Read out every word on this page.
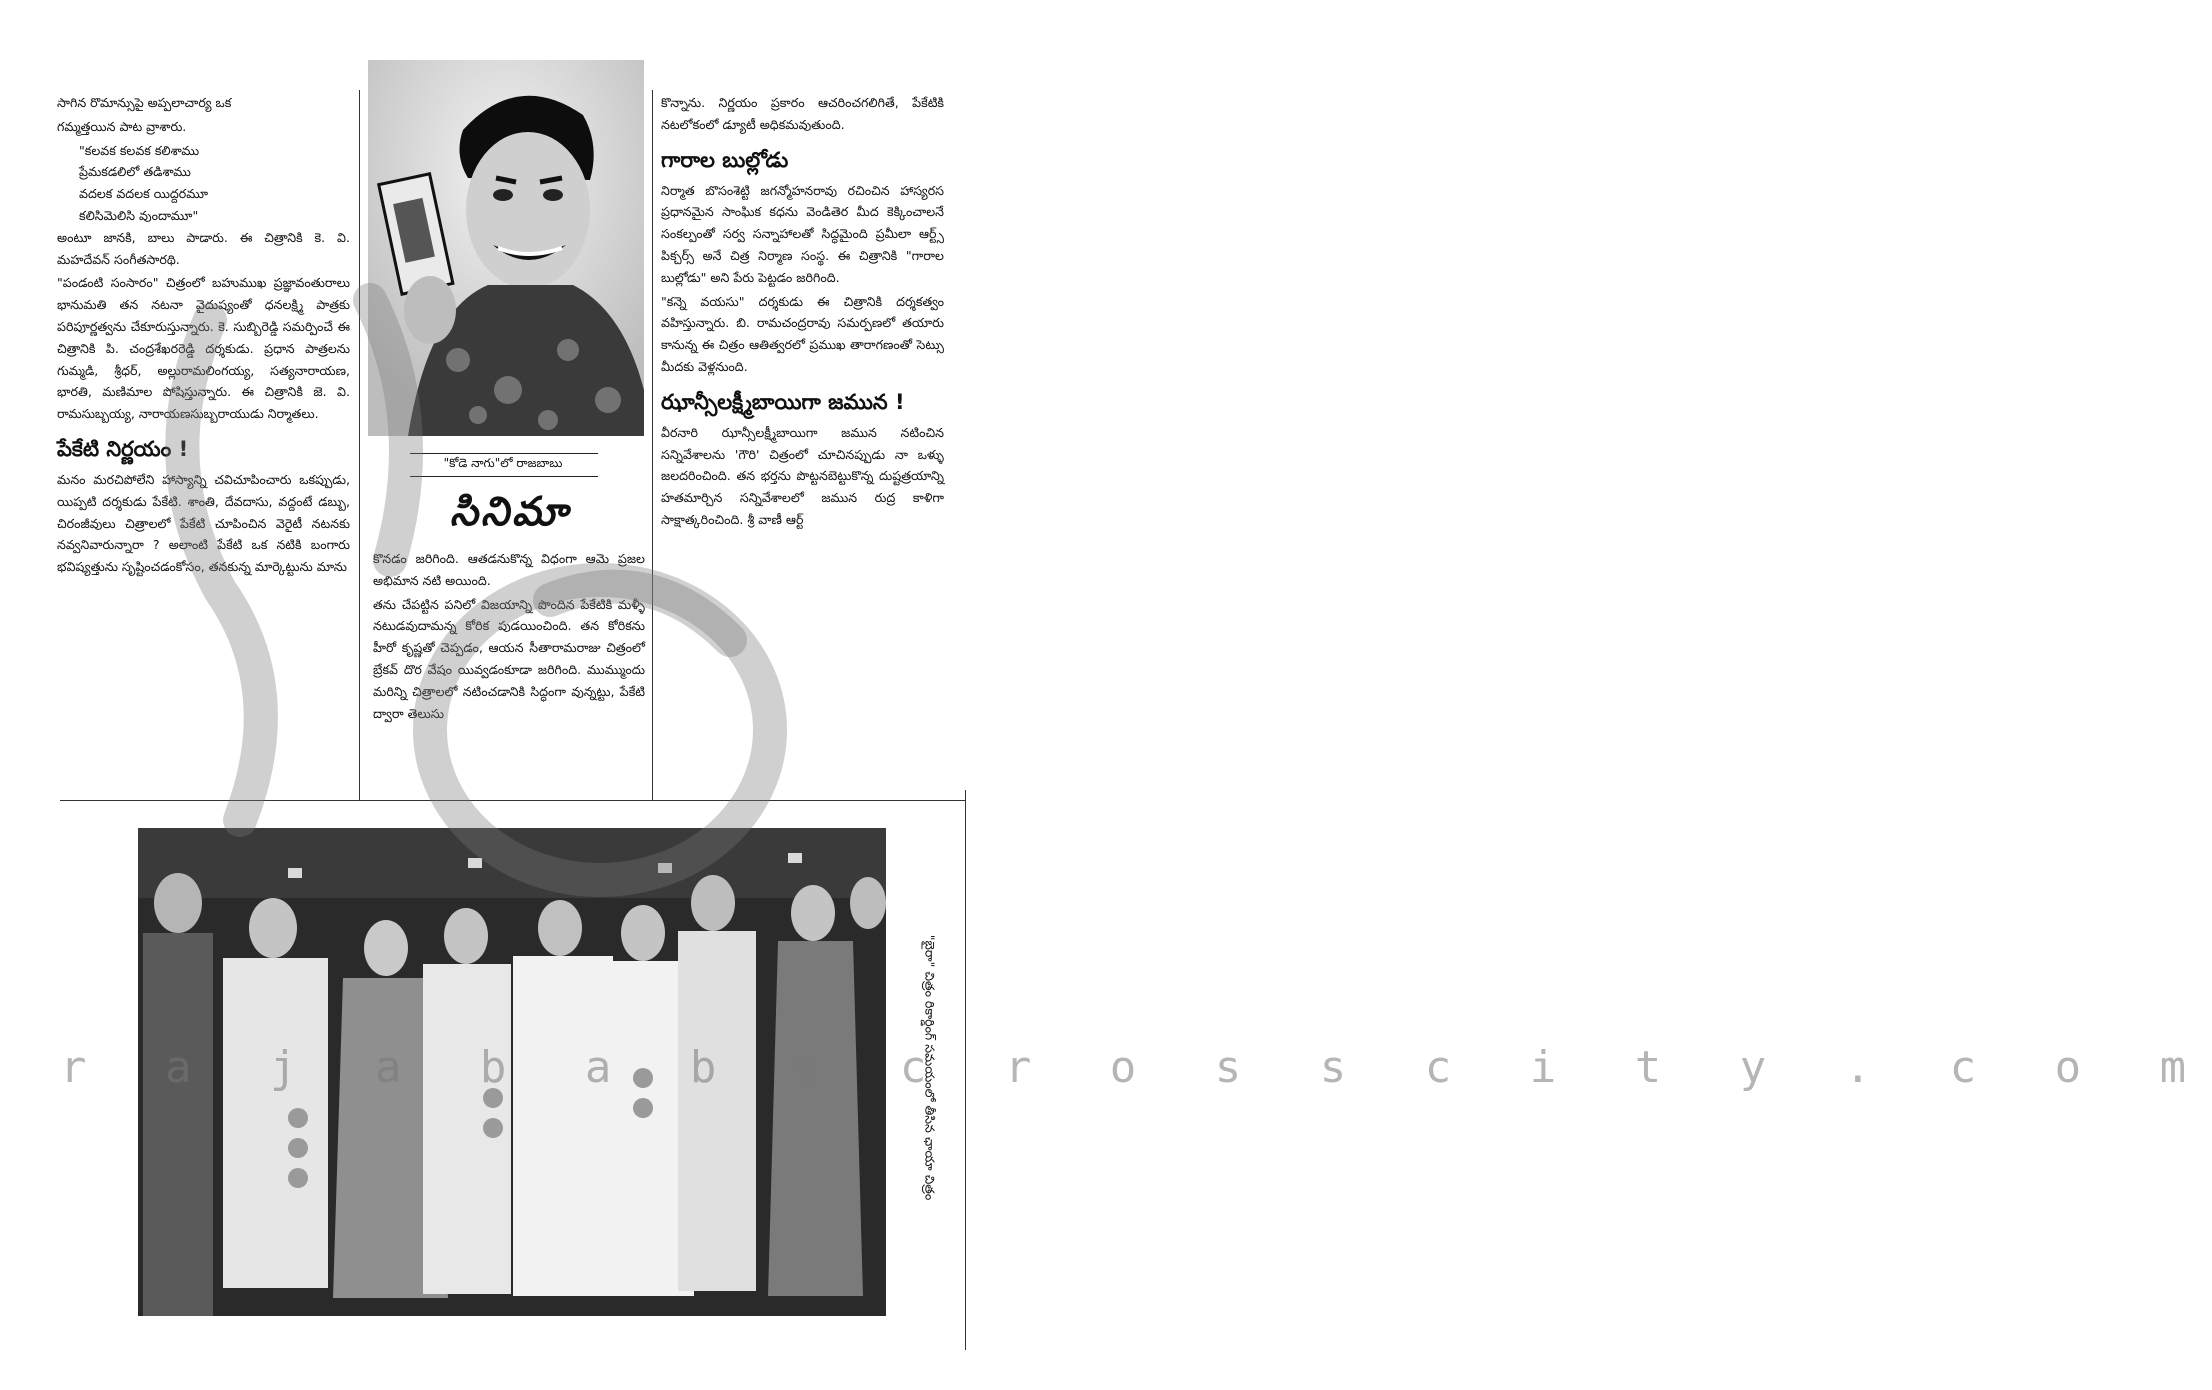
సాగిన రొమాన్సుపై అప్పలాచార్య ఒక

గమ్మత్తయిన పాట వ్రాశారు.

"కలవక కలవక కలిశాము
ప్రేమకడలిలో తడిశాము
వదలక వదలక యిద్దరమూ
కలిసిమెలిసి వుందామూ"

అంటూ జానకి, బాలు పాడారు. ఈ చిత్రానికి కె. వి. మహదేవన్ సంగీతసారథి.

"పండంటి సంసారం" చిత్రంలో బహుముఖ ప్రజ్ఞావంతురాలు భానుమతి తన నటనా వైదుష్యంతో ధనలక్ష్మి పాత్రకు పరిపూర్ణత్వను చేకూరుస్తున్నారు. కె. సుబ్బిరెడ్డి సమర్పించే ఈ చిత్రానికి పి. చంద్రశేఖరరెడ్డి దర్శకుడు. ప్రధాన పాత్రలను గుమ్మడి, శ్రీధర్, అల్లురామలింగయ్య, సత్యనారాయణ, భారతి, మణిమాల పోషిస్తున్నారు. ఈ చిత్రానికి జె. వి. రామసుబ్బయ్య, నారాయణసుబ్బరాయుడు నిర్మాతలు.

పేకేటి నిర్ణయం !

మనం మరచిపోలేని హాస్యాన్ని చవిచూపించారు ఒకప్పుడు, యిప్పటి దర్శకుడు పేకేటి. శాంతి, దేవదాసు, వద్దంటే డబ్బు, చిరంజీవులు చిత్రాలలో పేకేటి చూపించిన వెరైటీ నటనకు నవ్వనివారున్నారా ? అలాంటి పేకేటి ఒక నటికి బంగారు భవిష్యత్తును సృష్టించడంకోసం, తనకున్న మార్కెట్టును మాను

"కోడె నాగు"లో రాజబాబు
సినిమా

కొనడం జరిగింది. ఆతడనుకొన్న విధంగా ఆమె ప్రజల అభిమాన నటి అయింది.

తను చేపట్టిన పనిలో విజయాన్ని పొందిన పేకేటికి మళ్ళీ నటుడవుదామన్న కోరిక పుడయించింది. తన కోరికను హీరో కృష్ణతో చెప్పడం, ఆయన సీతారామరాజు చిత్రంలో బ్రేకవ్ దొర వేషం యివ్వడంకూడా జరిగింది. ముమ్ముందు మరిన్ని చిత్రాలలో నటించడానికి సిద్ధంగా వున్నట్టు, పేకేటి ద్వారా తెలుసు

కొన్నాను. నిర్ణయం ప్రకారం ఆచరించగలిగితే, పేకేటికి నటలోకంలో డ్యూటీ అధికమవుతుంది.

గారాల బుల్లోడు

నిర్మాత బొసంశెట్టి జగన్మోహనరావు రచించిన హాస్యరస ప్రధానమైన సాంఘిక కధను వెండితెర మీద కెక్కించాలనే సంకల్పంతో సర్వ సన్నాహాలతో సిద్ధమైంది ప్రమీలా ఆర్ట్స్ పిక్చర్స్ అనే చిత్ర నిర్మాణ సంస్థ. ఈ చిత్రానికి "గారాల బుల్లోడు" అని పేరు పెట్టడం జరిగింది.

"కన్నె వయసు" దర్శకుడు ఈ చిత్రానికి దర్శకత్వం వహిస్తున్నారు. బి. రామచంద్రరావు సమర్పణలో తయారు కానున్న ఈ చిత్రం ఆతిత్వరలో ప్రముఖ తారాగణంతో సెట్సు మీదకు వెళ్లనుంది.

ఝాన్సీలక్ష్మీబాయిగా జమున !

వీరనారి ఝాన్సీలక్ష్మీబాయిగా జమున నటించిన సన్నివేశాలను 'గౌరి' చిత్రంలో చూచినప్పుడు నా ఒళ్ళు జలదరించింది. తన భర్తను పొట్టనబెట్టుకొన్న దుష్టత్రయాన్ని హతమార్చిన సన్నివేశాలలో జమున రుద్ర కాళిగా సాక్షాత్కరించింది. శ్రీ వాణీ ఆర్ట్

"బైరా" చిత్రం రికార్డింగ్ సమయంలో తీసిన ఛాయా చిత్రం
r a j a b a b u c r o s s c i t y . c o m
